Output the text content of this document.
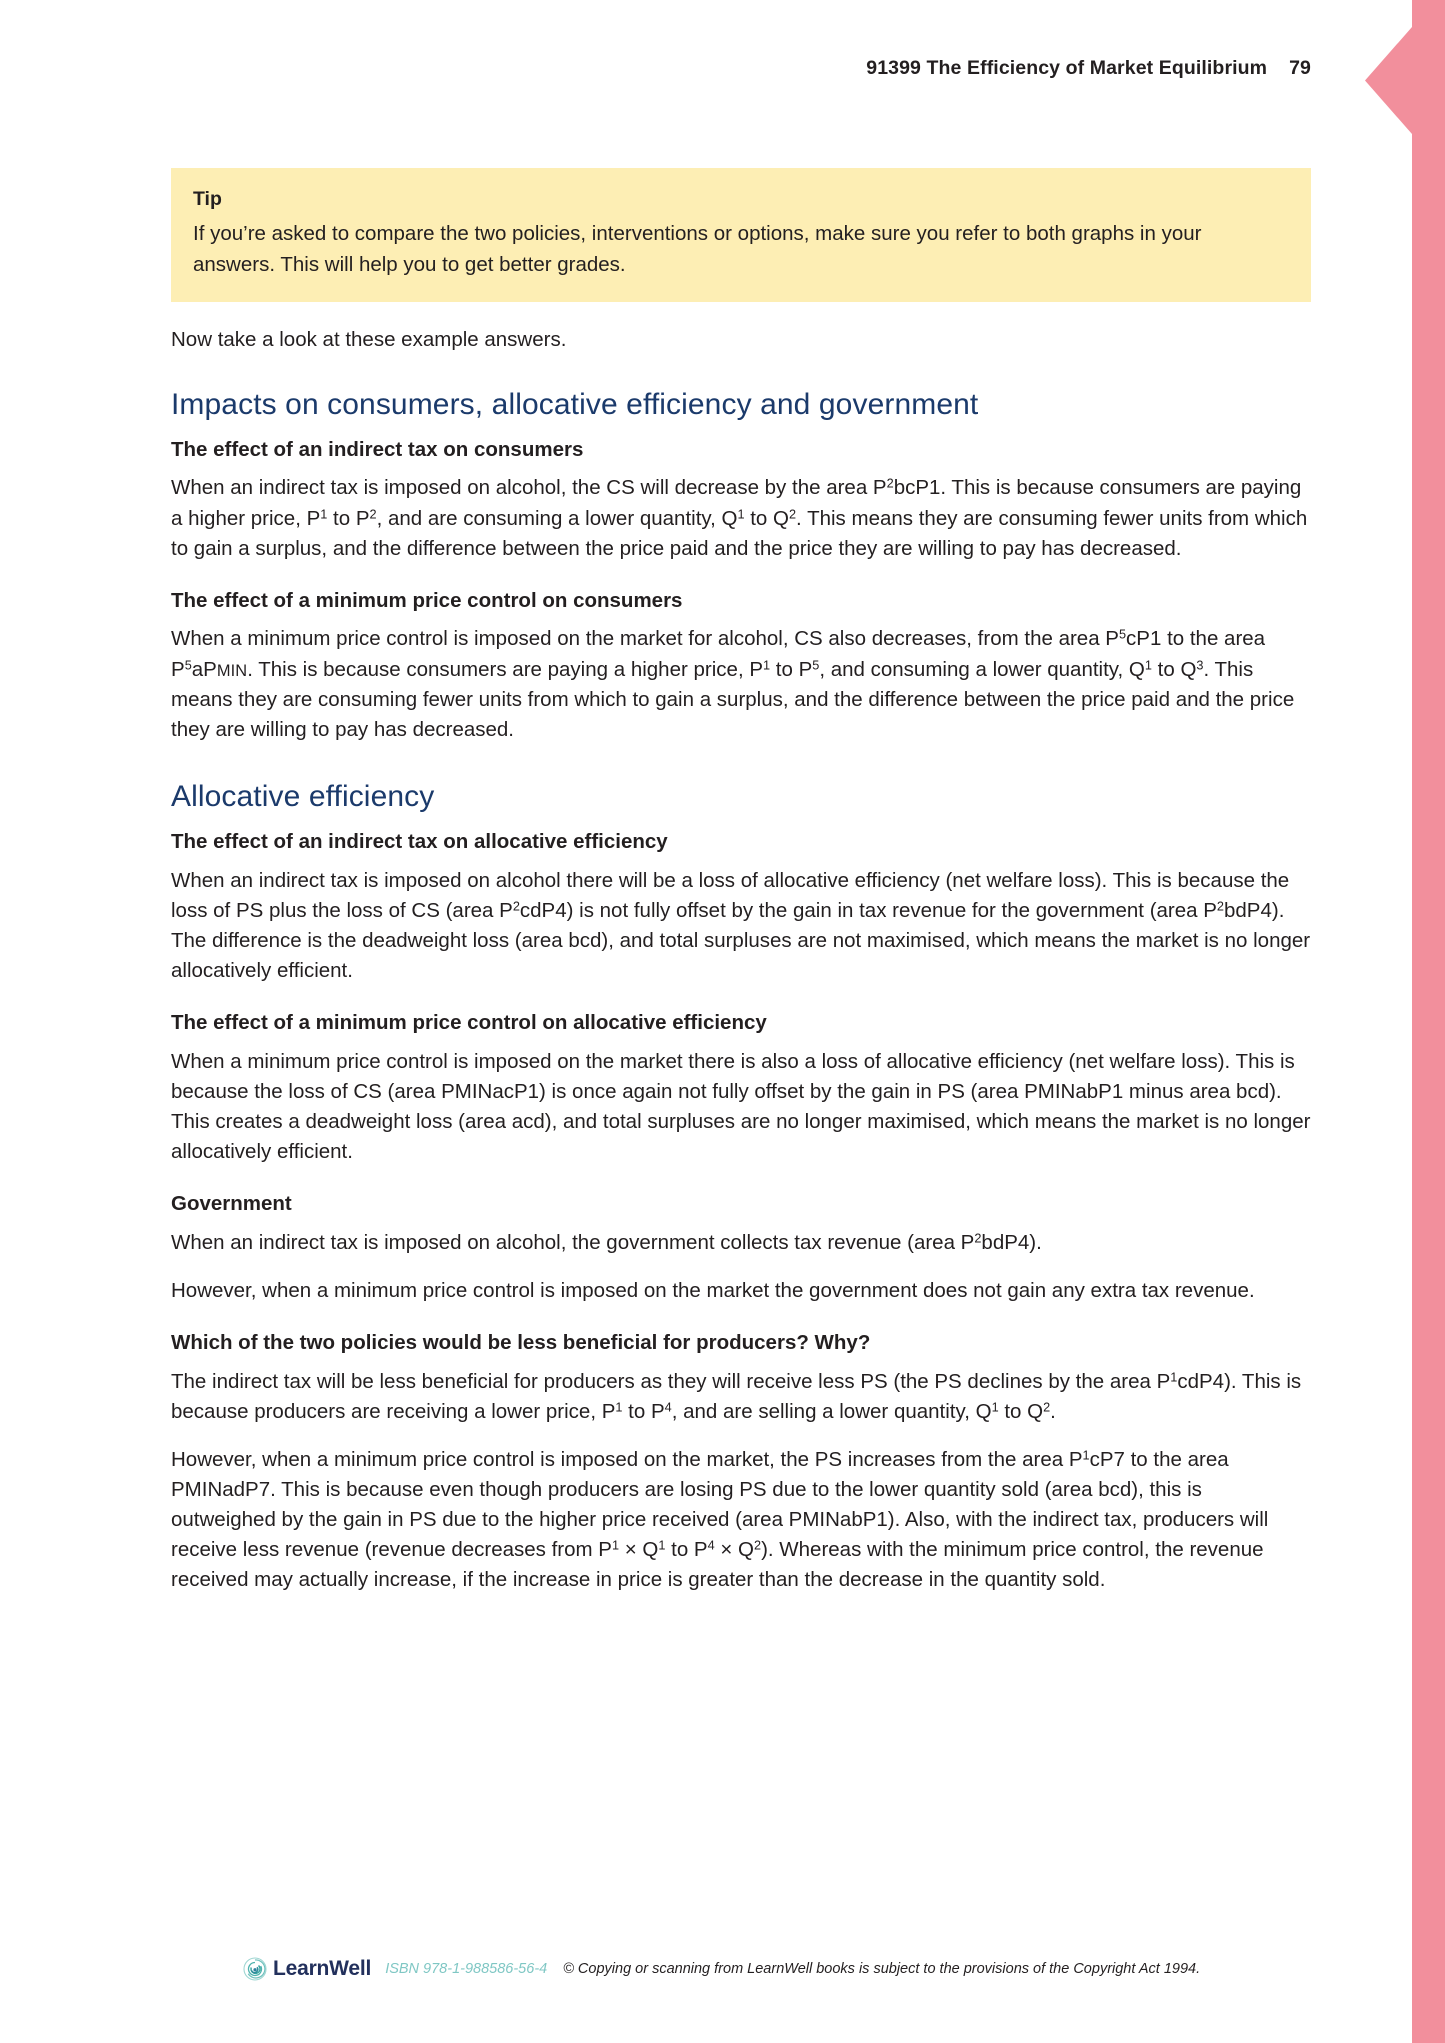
91399 The Efficiency of Market Equilibrium 79
Tip
If you’re asked to compare the two policies, interventions or options, make sure you refer to both graphs in your answers. This will help you to get better grades.

Now take a look at these example answers.

Impacts on consumers, allocative efficiency and government
The effect of an indirect tax on consumers

When an indirect tax is imposed on alcohol, the CS will decrease by the area $P^2bcP1$. This is because consumers are paying a higher price, $P^1$ to $P^2$, and are consuming a lower quantity, $Q^1$ to $Q^2$. This means they are consuming fewer units from which to gain a surplus, and the difference between the price paid and the price they are willing to pay has decreased.

The effect of a minimum price control on consumers

When a minimum price control is imposed on the market for alcohol, CS also decreases, from the area $P^5cP1$ to the area $P^5aPMIN$. This is because consumers are paying a higher price, $P^1$ to $P^5$, and consuming a lower quantity, $Q^1$ to $Q^3$. This means they are consuming fewer units from which to gain a surplus, and the difference between the price paid and the price they are willing to pay has decreased.

Allocative efficiency
The effect of an indirect tax on allocative efficiency

When an indirect tax is imposed on alcohol there will be a loss of allocative efficiency (net welfare loss). This is because the loss of PS plus the loss of CS (area $P^2cdP4$) is not fully offset by the gain in tax revenue for the government (area $P^2bdP4$). The difference is the deadweight loss (area bcd), and total surpluses are not maximised, which means the market is no longer allocatively efficient.

The effect of a minimum price control on allocative efficiency

When a minimum price control is imposed on the market there is also a loss of allocative efficiency (net welfare loss). This is because the loss of CS (area PMINacP1) is once again not fully offset by the gain in PS (area PMINabP1 minus area bcd). This creates a deadweight loss (area acd), and total surpluses are no longer maximised, which means the market is no longer allocatively efficient.

Government

When an indirect tax is imposed on alcohol, the government collects tax revenue (area $P^2bdP4$).

However, when a minimum price control is imposed on the market the government does not gain any extra tax revenue.

Which of the two policies would be less beneficial for producers? Why?

The indirect tax will be less beneficial for producers as they will receive less PS (the PS declines by the area $P^1cdP4$). This is because producers are receiving a lower price, $P^1$ to $P^4$, and are selling a lower quantity, $Q^1$ to $Q^2$.

However, when a minimum price control is imposed on the market, the PS increases from the area $P^1cP7$ to the area PMINadP7. This is because even though producers are losing PS due to the lower quantity sold (area bcd), this is outweighed by the gain in PS due to the higher price received (area PMINabP1). Also, with the indirect tax, producers will receive less revenue (revenue decreases from $P^1 \times Q^1$ to $P^4 \times Q^2$). Whereas with the minimum price control, the revenue received may actually increase, if the increase in price is greater than the decrease in the quantity sold.

LearnWell ISBN 978-1-988586-56-4 © Copying or scanning from LearnWell books is subject to the provisions of the Copyright Act 1994.
